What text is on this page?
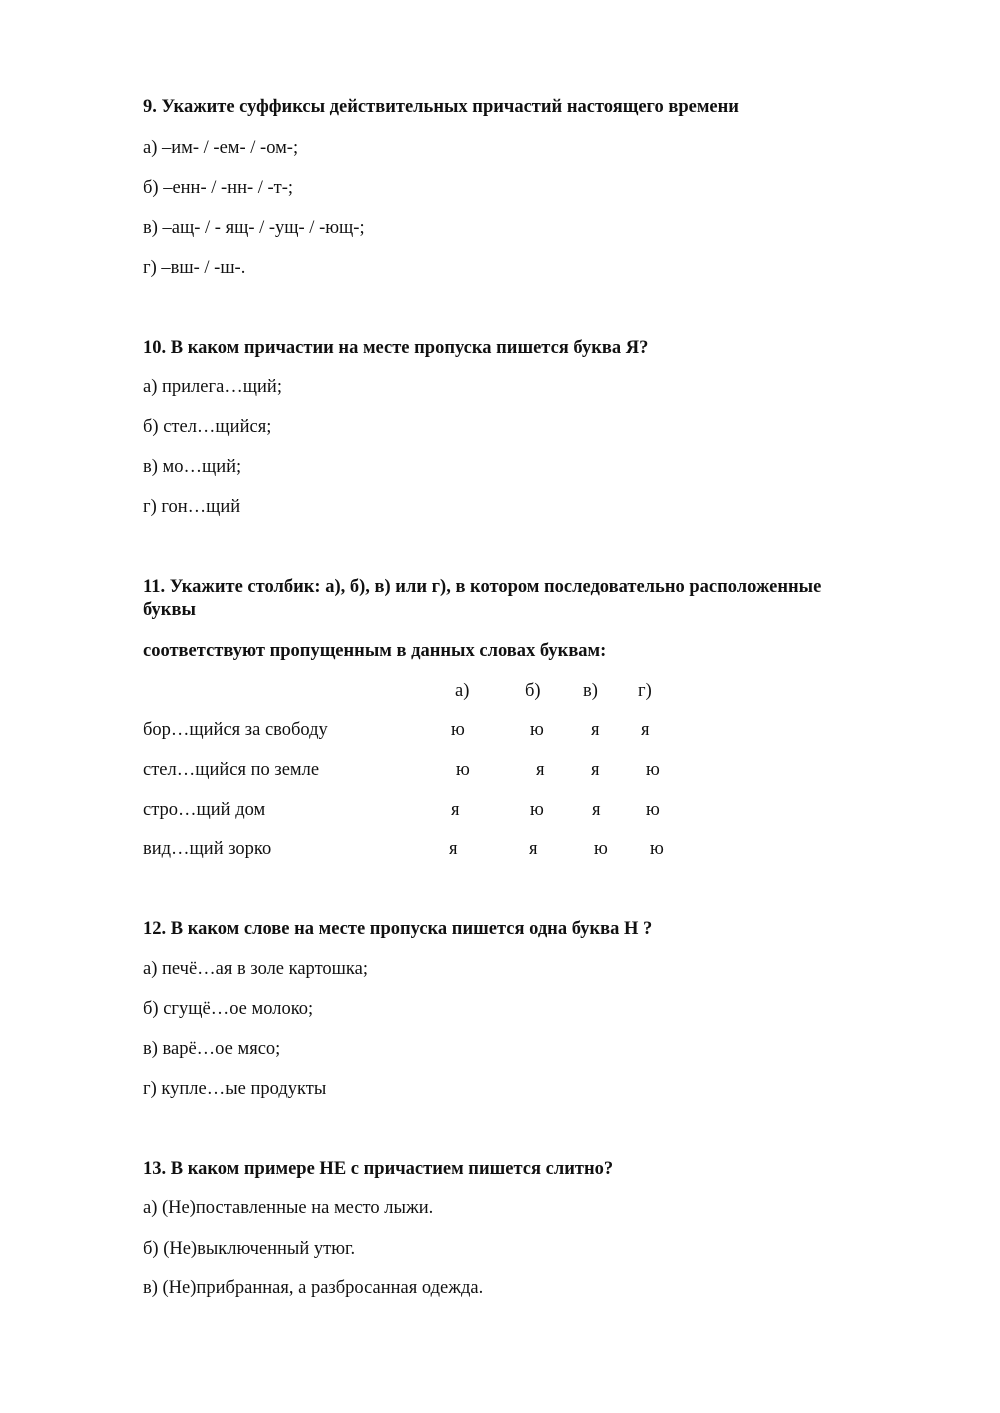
9. Укажите суффиксы действительных причастий настоящего времени
а) –им- / -ем- / -ом-;
б) –енн- / -нн- / -т-;
в) –ащ- / - ящ- / -ущ- / -ющ-;
г) –вш- / -ш-.
10. В каком причастии на месте пропуска пишется буква Я?
а) прилега…щий;
б) стел…щийся;
в) мо…щий;
г) гон…щий
11. Укажите столбик: а), б), в) или г), в котором последовательно расположенные
буквы
соответствуют пропущенным в данных словах буквам:
а)	б) в) г)
бор…щийся за свободу	ю	ю	я я
стел…щийся по земле	ю	я	я	ю
стро…щий дом	я	ю	я ю
вид…щий зорко	я	я	ю ю
12. В каком слове на месте пропуска пишется одна буква Н ?
а) печё…ая в золе картошка;
б) сгущё…ое молоко;
в) варё…ое мясо;
г) купле…ые продукты
13. В каком примере НЕ с причастием пишется слитно?
а) (Не)поставленные на место лыжи.
б) (Не)выключенный утюг.
в) (Не)прибранная, а разбросанная одежда.
